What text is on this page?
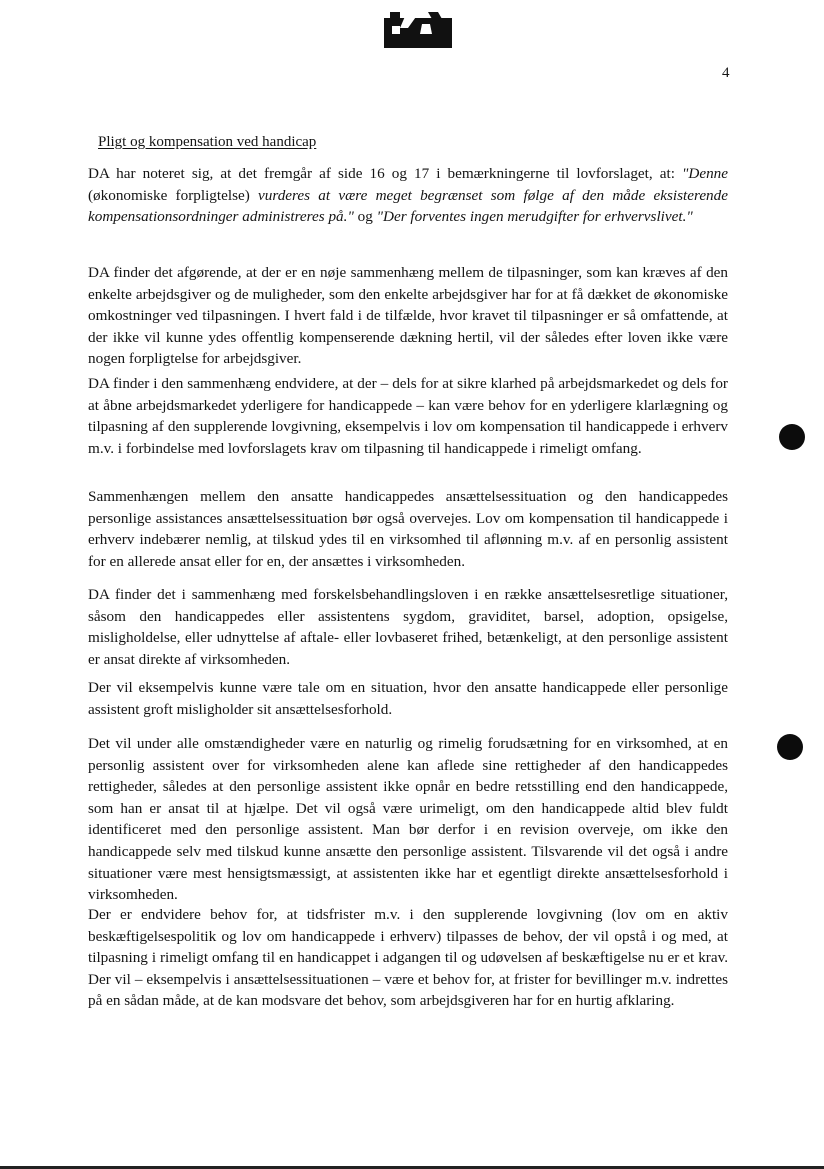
4
Pligt og kompensation ved handicap

DA har noteret sig, at det fremgår af side 16 og 17 i bemærkningerne til lovforslaget, at: "Denne (økonomiske forpligtelse) vurderes at være meget begrænset som følge af den måde eksisterende kompensationsordninger administreres på." og "Der forventes ingen merudgifter for erhvervslivet."

DA finder det afgørende, at der er en nøje sammenhæng mellem de tilpasninger, som kan kræves af den enkelte arbejdsgiver og de muligheder, som den enkelte arbejdsgiver har for at få dækket de økonomiske omkostninger ved tilpasningen. I hvert fald i de tilfælde, hvor kravet til tilpasninger er så omfattende, at der ikke vil kunne ydes offentlig kompenserende dækning hertil, vil der således efter loven ikke være nogen forpligtelse for arbejdsgiver.

DA finder i den sammenhæng endvidere, at der – dels for at sikre klarhed på arbejdsmarkedet og dels for at åbne arbejdsmarkedet yderligere for handicappede – kan være behov for en yderligere klarlægning og tilpasning af den supplerende lovgivning, eksempelvis i lov om kompensation til handicappede i erhverv m.v. i forbindelse med lovforslagets krav om tilpasning til handicappede i rimeligt omfang.

Sammenhængen mellem den ansatte handicappedes ansættelsessituation og den handicappedes personlige assistances ansættelsessituation bør også overvejes. Lov om kompensation til handicappede i erhverv indebærer nemlig, at tilskud ydes til en virksomhed til aflønning m.v. af en personlig assistent for en allerede ansat eller for en, der ansættes i virksomheden.

DA finder det i sammenhæng med forskelsbehandlingsloven i en række ansættelsesretlige situationer, såsom den handicappedes eller assistentens sygdom, graviditet, barsel, adoption, opsigelse, misligholdelse, eller udnyttelse af aftale- eller lovbaseret frihed, betænkeligt, at den personlige assistent er ansat direkte af virksomheden.

Der vil eksempelvis kunne være tale om en situation, hvor den ansatte handicappede eller personlige assistent groft misligholder sit ansættelsesforhold.

Det vil under alle omstændigheder være en naturlig og rimelig forudsætning for en virksomhed, at en personlig assistent over for virksomheden alene kan aflede sine rettigheder af den handicappedes rettigheder, således at den personlige assistent ikke opnår en bedre retsstilling end den handicappede, som han er ansat til at hjælpe. Det vil også være urimeligt, om den handicappede altid blev fuldt identificeret med den personlige assistent. Man bør derfor i en revision overveje, om ikke den handicappede selv med tilskud kunne ansætte den personlige assistent. Tilsvarende vil det også i andre situationer være mest hensigtsmæssigt, at assistenten ikke har et egentligt direkte ansættelsesforhold i virksomheden.

Der er endvidere behov for, at tidsfrister m.v. i den supplerende lovgivning (lov om en aktiv beskæftigelsespolitik og lov om handicappede i erhverv) tilpasses de behov, der vil opstå i og med, at tilpasning i rimeligt omfang til en handicappet i adgangen til og udøvelsen af beskæftigelse nu er et krav. Der vil – eksempelvis i ansættelsessituationen – være et behov for, at frister for bevillinger m.v. indrettes på en sådan måde, at de kan modsvare det behov, som arbejdsgiveren har for en hurtig afklaring.
